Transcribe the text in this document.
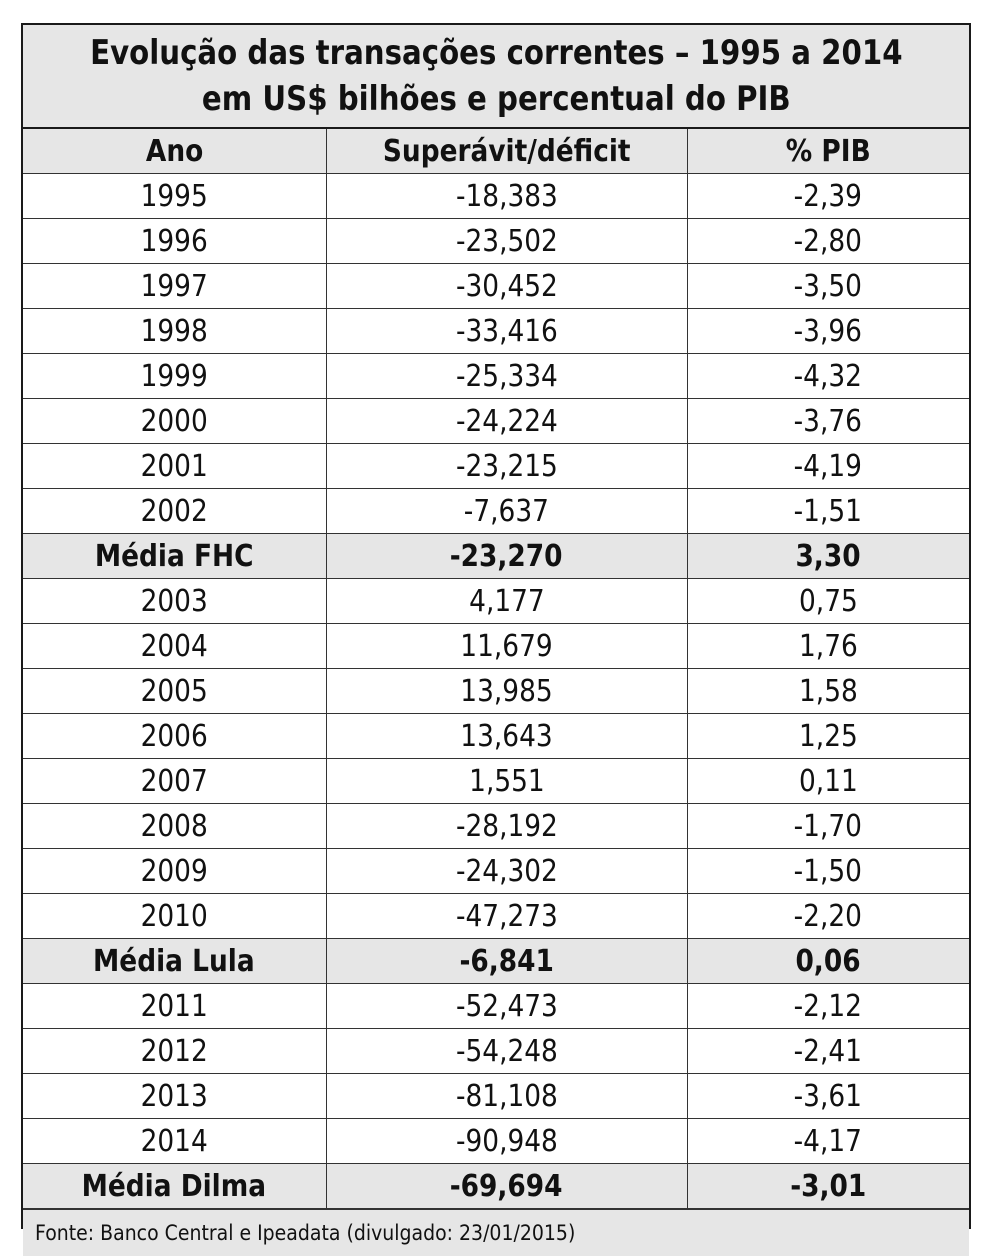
Evolução das transações correntes – 1995 a 2014
em US$ bilhões e percentual do PIB
Ano	Superávit/déficit	% PIB
1995	-18,383	-2,39
1996	-23,502	-2,80
1997	-30,452	-3,50
1998	-33,416	-3,96
1999	-25,334	-4,32
2000	-24,224	-3,76
2001	-23,215	-4,19
2002	-7,637	-1,51
Média FHC	-23,270	3,30
2003	4,177	0,75
2004	11,679	1,76
2005	13,985	1,58
2006	13,643	1,25
2007	1,551	0,11
2008	-28,192	-1,70
2009	-24,302	-1,50
2010	-47,273	-2,20
Média Lula	-6,841	0,06
2011	-52,473	-2,12
2012	-54,248	-2,41
2013	-81,108	-3,61
2014	-90,948	-4,17
Média Dilma	-69,694	-3,01
Fonte: Banco Central e Ipeadata (divulgado: 23/01/2015)
